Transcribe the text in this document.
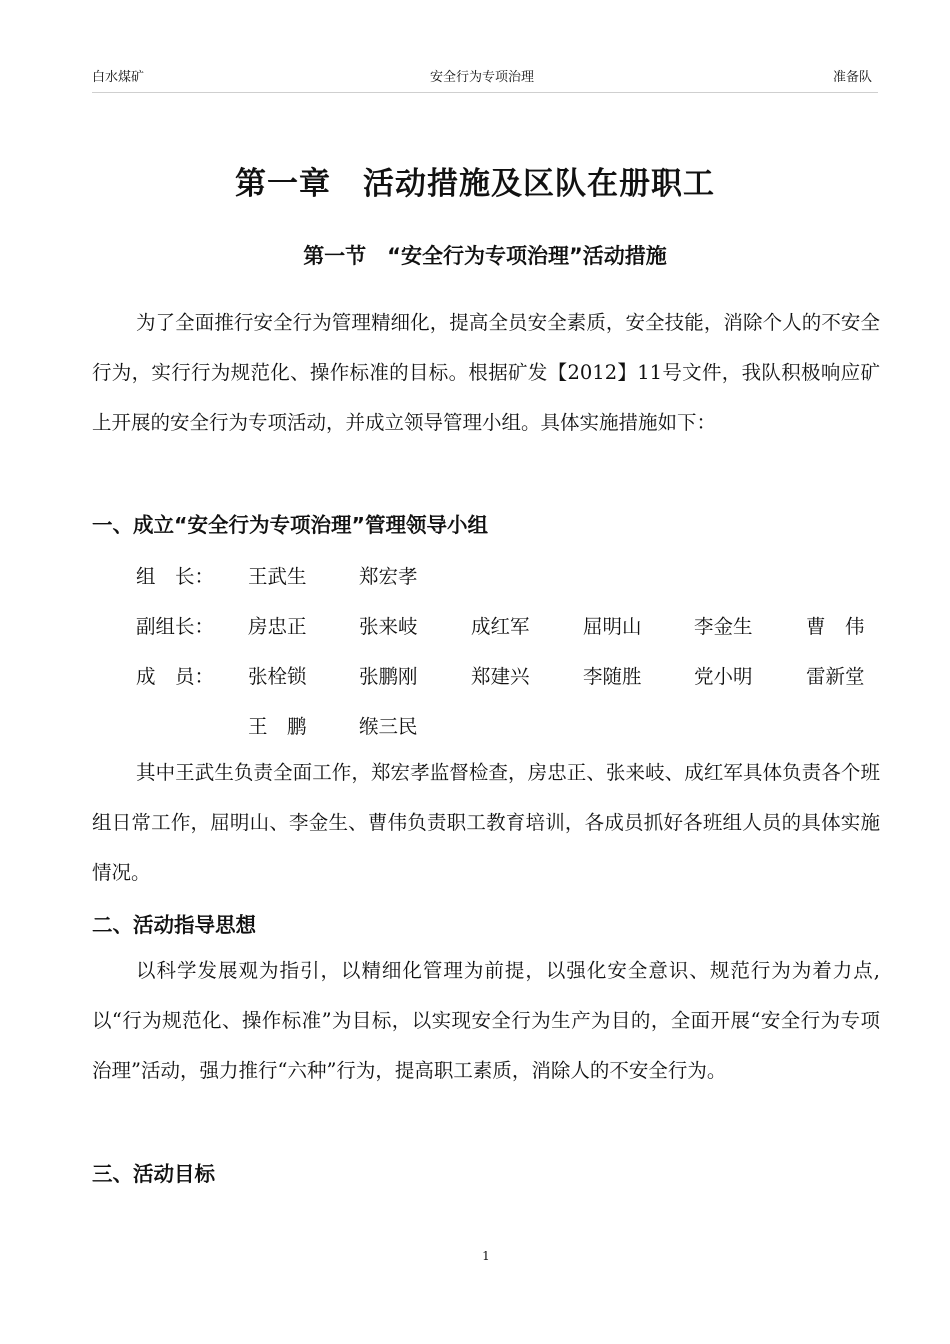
白水煤矿	安全行为专项治理	准备队
第一章　活动措施及区队在册职工
第一节　“安全行为专项治理”活动措施

为了全面推行安全行为管理精细化，提高全员安全素质，安全技能，消除个人的不安全行为，实行行为规范化、操作标准的目标。根据矿发【2012】11号文件，我队积极响应矿上开展的安全行为专项活动，并成立领导管理小组。具体实施措施如下：

一、成立“安全行为专项治理”管理领导小组
组　长： 王武生	郑宏孝
副组长： 房忠正	张来岐	成红军	屈明山	李金生	曹　伟
成　员： 张栓锁	张鹏刚	郑建兴	李随胜	党小明	雷新堂
王　鹏	缑三民

其中王武生负责全面工作，郑宏孝监督检查，房忠正、张来岐、成红军具体负责各个班组日常工作，屈明山、李金生、曹伟负责职工教育培训，各成员抓好各班组人员的具体实施情况。

二、活动指导思想

以科学发展观为指引，以精细化管理为前提，以强化安全意识、规范行为为着力点,以“行为规范化、操作标准”为目标，以实现安全行为生产为目的，全面开展“安全行为专项治理”活动，强力推行“六种”行为，提高职工素质，消除人的不安全行为。

三、活动目标
1
